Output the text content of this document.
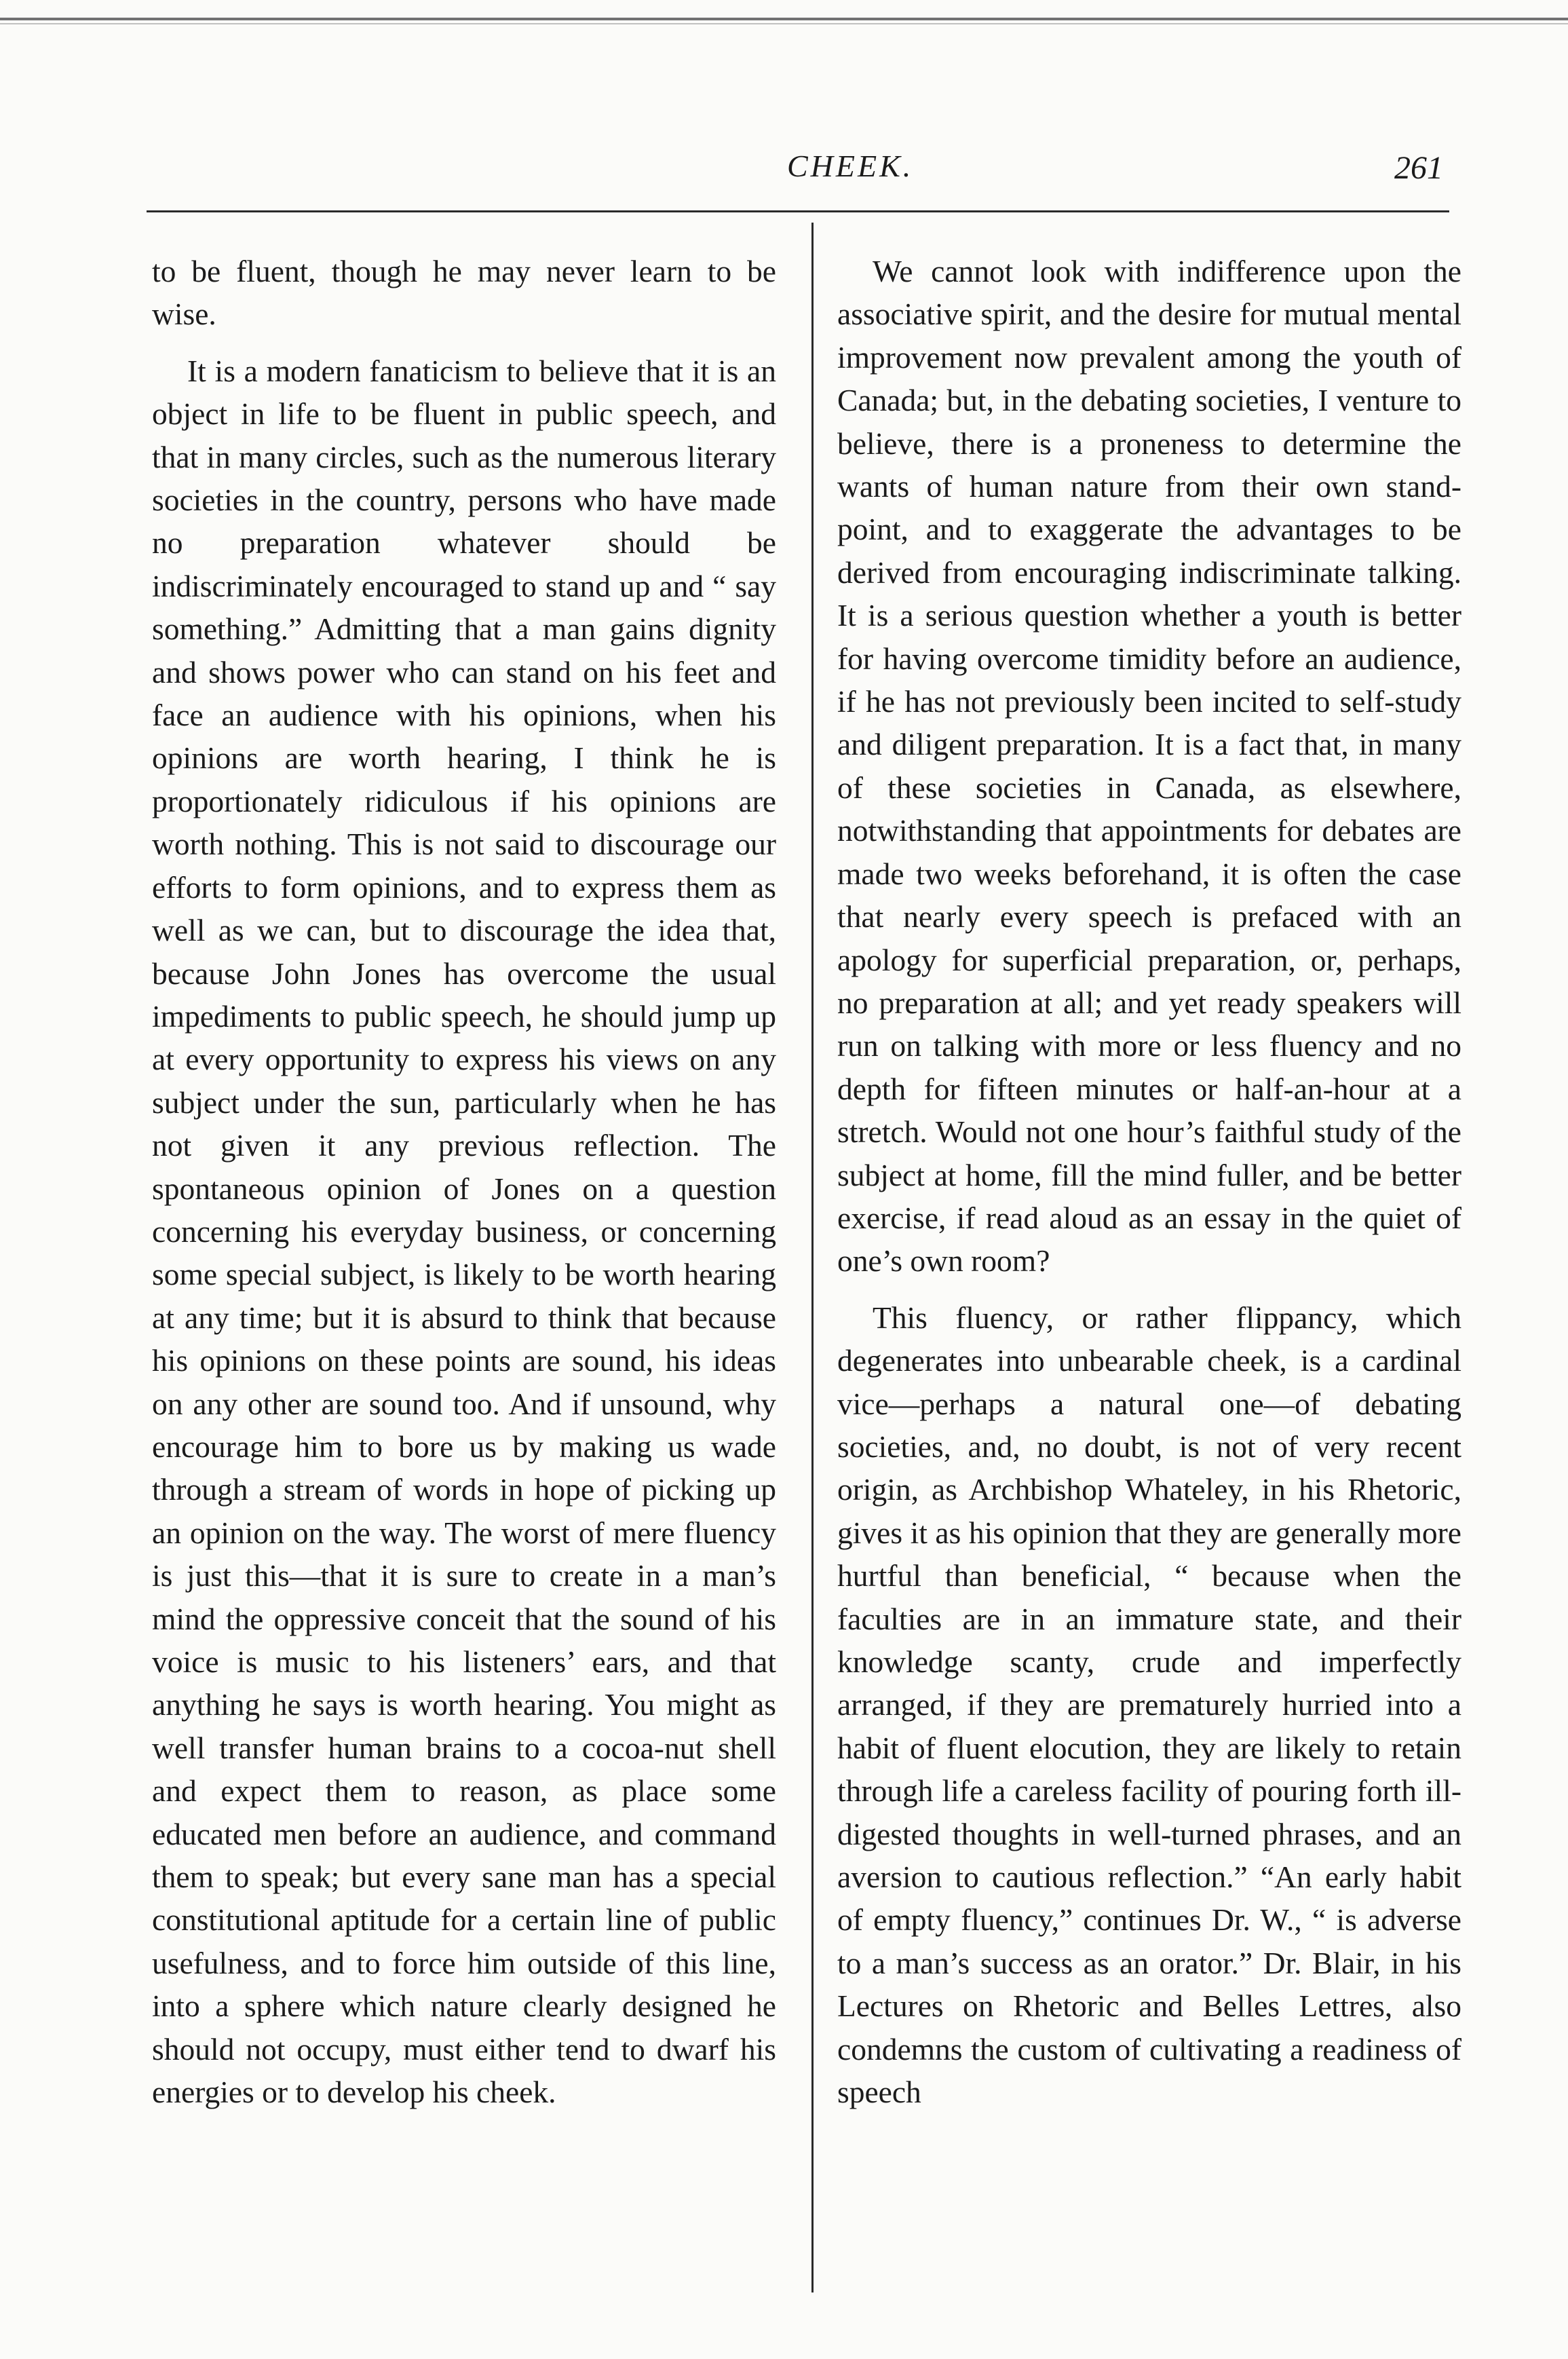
CHEEK.	261

to be fluent, though he may never learn to be wise.

It is a modern fanaticism to believe that it is an object in life to be fluent in public speech, and that in many circles, such as the numerous literary societies in the country, persons who have made no preparation whatever should be indiscriminately encouraged to stand up and “ say something.” Admitting that a man gains dignity and shows power who can stand on his feet and face an audience with his opinions, when his opinions are worth hearing, I think he is proportionately ridiculous if his opinions are worth nothing. This is not said to discourage our efforts to form opinions, and to express them as well as we can, but to discourage the idea that, because John Jones has overcome the usual impediments to public speech, he should jump up at every opportunity to express his views on any subject under the sun, particularly when he has not given it any previous reflection. The spontaneous opinion of Jones on a question concerning his everyday business, or concerning some special subject, is likely to be worth hearing at any time; but it is absurd to think that because his opinions on these points are sound, his ideas on any other are sound too. And if unsound, why encourage him to bore us by making us wade through a stream of words in hope of picking up an opinion on the way. The worst of mere fluency is just this—that it is sure to create in a man’s mind the oppressive conceit that the sound of his voice is music to his listeners’ ears, and that anything he says is worth hearing. You might as well transfer human brains to a cocoa-nut shell and expect them to reason, as place some educated men before an audience, and command them to speak; but every sane man has a special constitutional aptitude for a certain line of public usefulness, and to force him outside of this line, into a sphere which nature clearly designed he should not occupy, must either tend to dwarf his energies or to develop his cheek.

We cannot look with indifference upon the associative spirit, and the desire for mutual mental improvement now prevalent among the youth of Canada; but, in the debating societies, I venture to believe, there is a proneness to determine the wants of human nature from their own stand-point, and to exaggerate the advantages to be derived from encouraging indiscriminate talking. It is a serious question whether a youth is better for having overcome timidity before an audience, if he has not previously been incited to self-study and diligent preparation. It is a fact that, in many of these societies in Canada, as elsewhere, notwithstanding that appointments for debates are made two weeks beforehand, it is often the case that nearly every speech is prefaced with an apology for superficial preparation, or, perhaps, no preparation at all; and yet ready speakers will run on talking with more or less fluency and no depth for fifteen minutes or half-an-hour at a stretch. Would not one hour’s faithful study of the subject at home, fill the mind fuller, and be better exercise, if read aloud as an essay in the quiet of one’s own room?

This fluency, or rather flippancy, which degenerates into unbearable cheek, is a cardinal vice—perhaps a natural one—of debating societies, and, no doubt, is not of very recent origin, as Archbishop Whateley, in his Rhetoric, gives it as his opinion that they are generally more hurtful than beneficial, “ because when the faculties are in an immature state, and their knowledge scanty, crude and imperfectly arranged, if they are prematurely hurried into a habit of fluent elocution, they are likely to retain through life a careless facility of pouring forth ill-digested thoughts in well-turned phrases, and an aversion to cautious reflection.” “An early habit of empty fluency,” continues Dr. W., “ is adverse to a man’s success as an orator.” Dr. Blair, in his Lectures on Rhetoric and Belles Lettres, also condemns the custom of cultivating a readiness of speech
